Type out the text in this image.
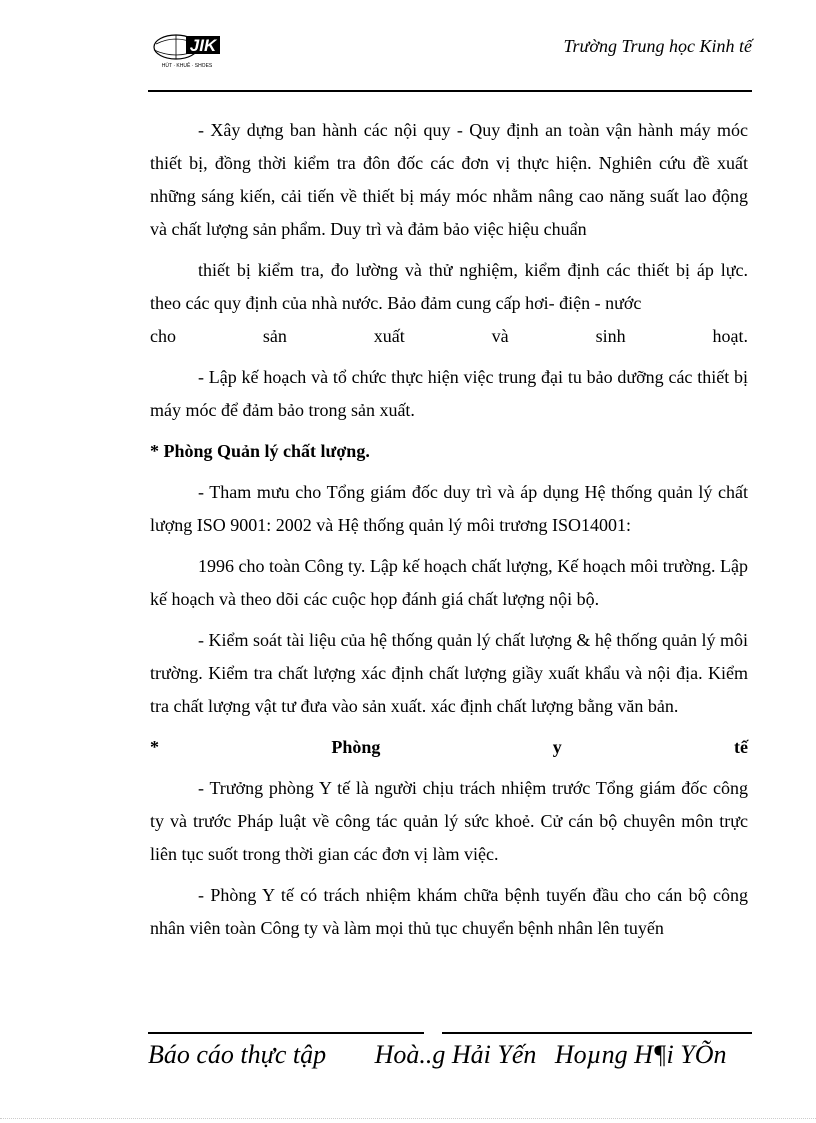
JIK
HÙT · KHUÊ · SHOES
Trường Trung học Kinh tế

- Xây dựng ban hành các nội quy - Quy định an toàn vận hành máy móc thiết bị, đồng thời kiểm tra đôn đốc các đơn vị thực hiện. Nghiên cứu đề xuất những sáng kiến, cải tiến về thiết bị máy móc nhằm nâng cao năng suất lao động và chất lượng sản phẩm. Duy trì và đảm bảo việc hiệu chuẩn

thiết bị kiểm tra, đo lường và thử nghiệm, kiểm định các thiết bị áp lực. theo các quy định của nhà nước. Bảo đảm cung cấp hơi- điện - nước

cho	sản	xuất	và	sinh	hoạt.

- Lập kế hoạch và tổ chức thực hiện việc trung đại tu bảo dưỡng các thiết bị máy móc để đảm bảo trong sản xuất.

* Phòng Quản lý chất lượng.

- Tham mưu cho Tổng giám đốc duy trì và áp dụng Hệ thống quản lý chất lượng ISO 9001: 2002 và Hệ thống quản lý môi trương ISO14001:

1996 cho toàn Công ty. Lập kế hoạch chất lượng, Kế hoạch môi trường. Lập kế hoạch và theo dõi các cuộc họp đánh giá chất lượng nội bộ.

- Kiểm soát tài liệu của hệ thống quản lý chất lượng & hệ thống quản lý môi trường. Kiểm tra chất lượng xác định chất lượng giầy xuất khẩu và nội địa. Kiểm tra chất lượng vật tư đưa vào sản xuất. xác định chất lượng bằng văn bản.

*	Phòng	y	tế

- Trưởng phòng Y tế là người chịu trách nhiệm trước Tổng giám đốc công ty và trước Pháp luật về công tác quản lý sức khoẻ. Cử cán bộ chuyên môn trực liên tục suốt trong thời gian các đơn vị làm việc.

- Phòng Y tế có trách nhiệm khám chữa bệnh tuyến đầu cho cán bộ công nhân viên toàn Công ty và làm mọi thủ tục chuyển bệnh nhân lên tuyến

Báo cáo thực tập Hoà..g Hải Yến Hoµng H¶i YÕn
